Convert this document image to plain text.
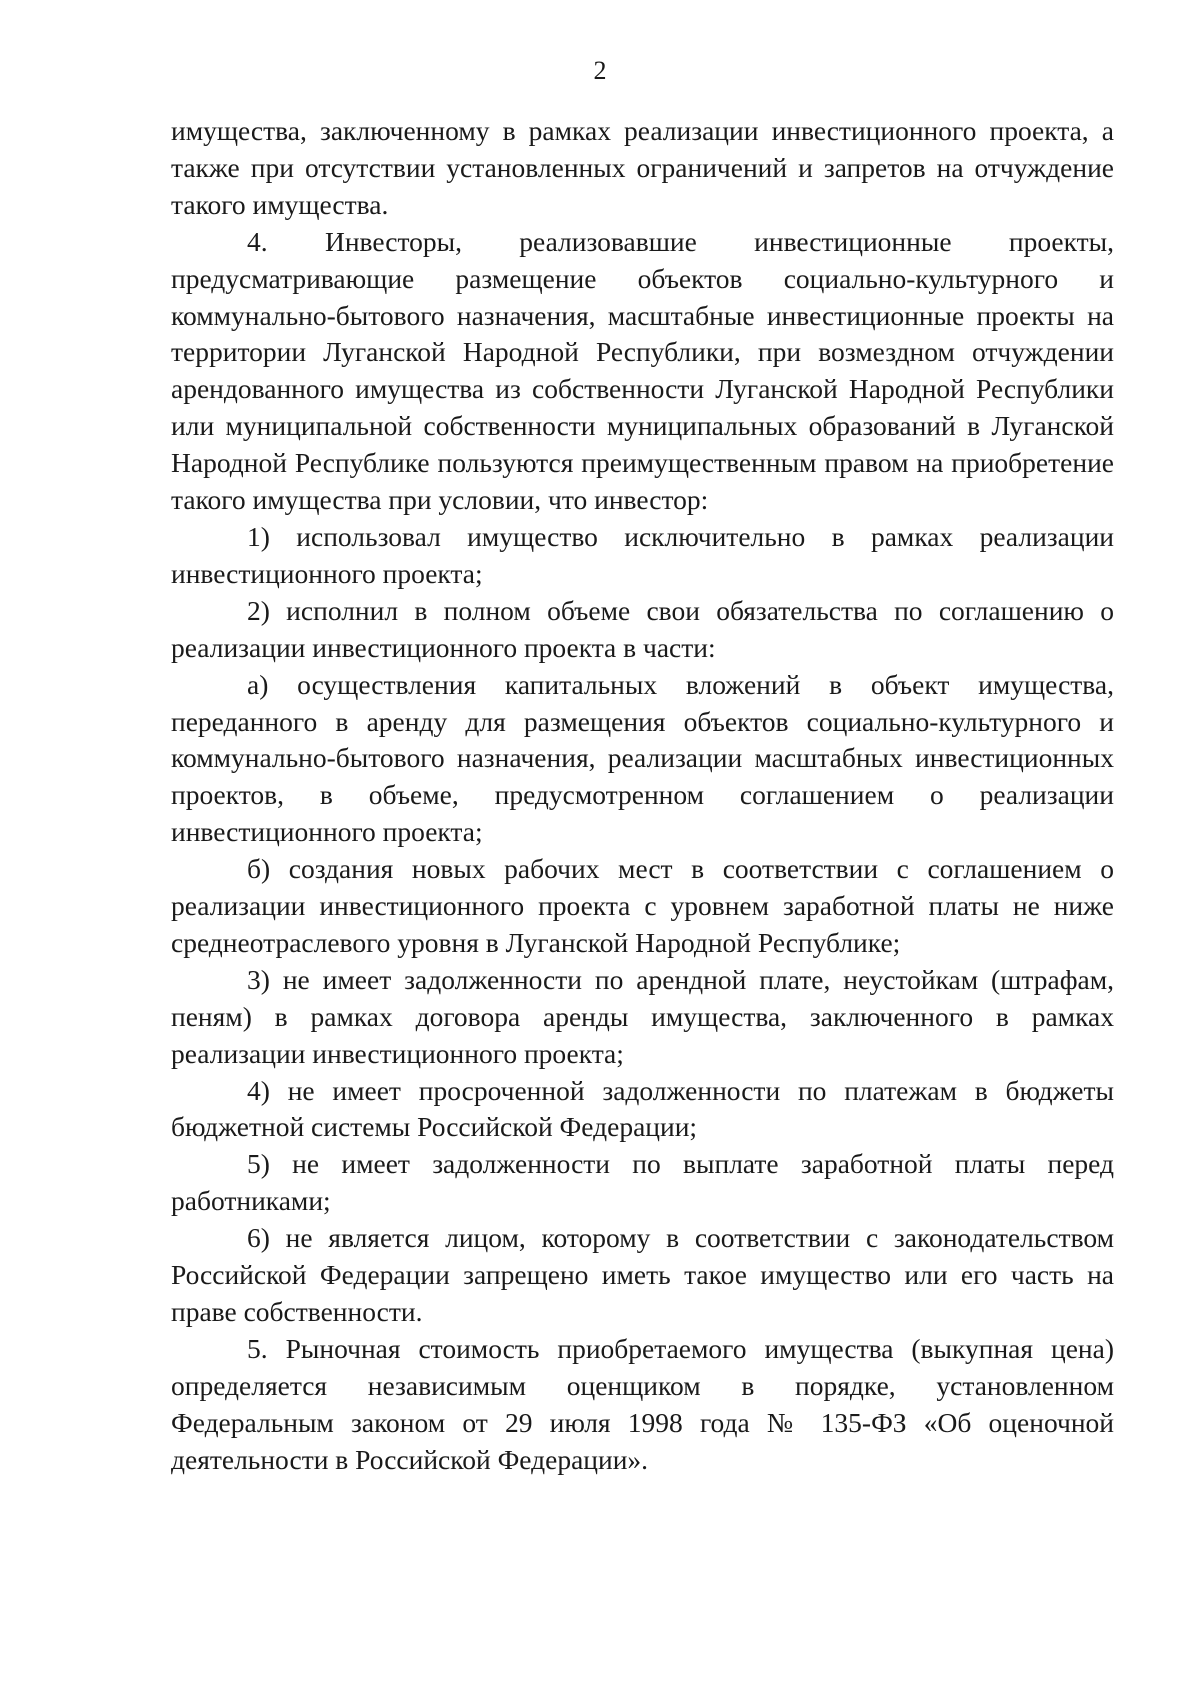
2

имущества, заключенному в рамках реализации инвестиционного проекта, а также при отсутствии установленных ограничений и запретов на отчуждение такого имущества.

4. Инвесторы, реализовавшие инвестиционные проекты, предусматривающие размещение объектов социально-культурного и коммунально-бытового назначения, масштабные инвестиционные проекты на территории Луганской Народной Республики, при возмездном отчуждении арендованного имущества из собственности Луганской Народной Республики или муниципальной собственности муниципальных образований в Луганской Народной Республике пользуются преимущественным правом на приобретение такого имущества при условии, что инвестор:

1) использовал имущество исключительно в рамках реализации инвестиционного проекта;

2) исполнил в полном объеме свои обязательства по соглашению о реализации инвестиционного проекта в части:

а) осуществления капитальных вложений в объект имущества, переданного в аренду для размещения объектов социально-культурного и коммунально-бытового назначения, реализации масштабных инвестиционных проектов, в объеме, предусмотренном соглашением о реализации инвестиционного проекта;

б) создания новых рабочих мест в соответствии с соглашением о реализации инвестиционного проекта с уровнем заработной платы не ниже среднеотраслевого уровня в Луганской Народной Республике;

3) не имеет задолженности по арендной плате, неустойкам (штрафам, пеням) в рамках договора аренды имущества, заключенного в рамках реализации инвестиционного проекта;

4) не имеет просроченной задолженности по платежам в бюджеты бюджетной системы Российской Федерации;

5) не имеет задолженности по выплате заработной платы перед работниками;

6) не является лицом, которому в соответствии с законодательством Российской Федерации запрещено иметь такое имущество или его часть на праве собственности.

5. Рыночная стоимость приобретаемого имущества (выкупная цена) определяется независимым оценщиком в порядке, установленном Федеральным законом от 29 июля 1998 года № 135-ФЗ «Об оценочной деятельности в Российской Федерации».
